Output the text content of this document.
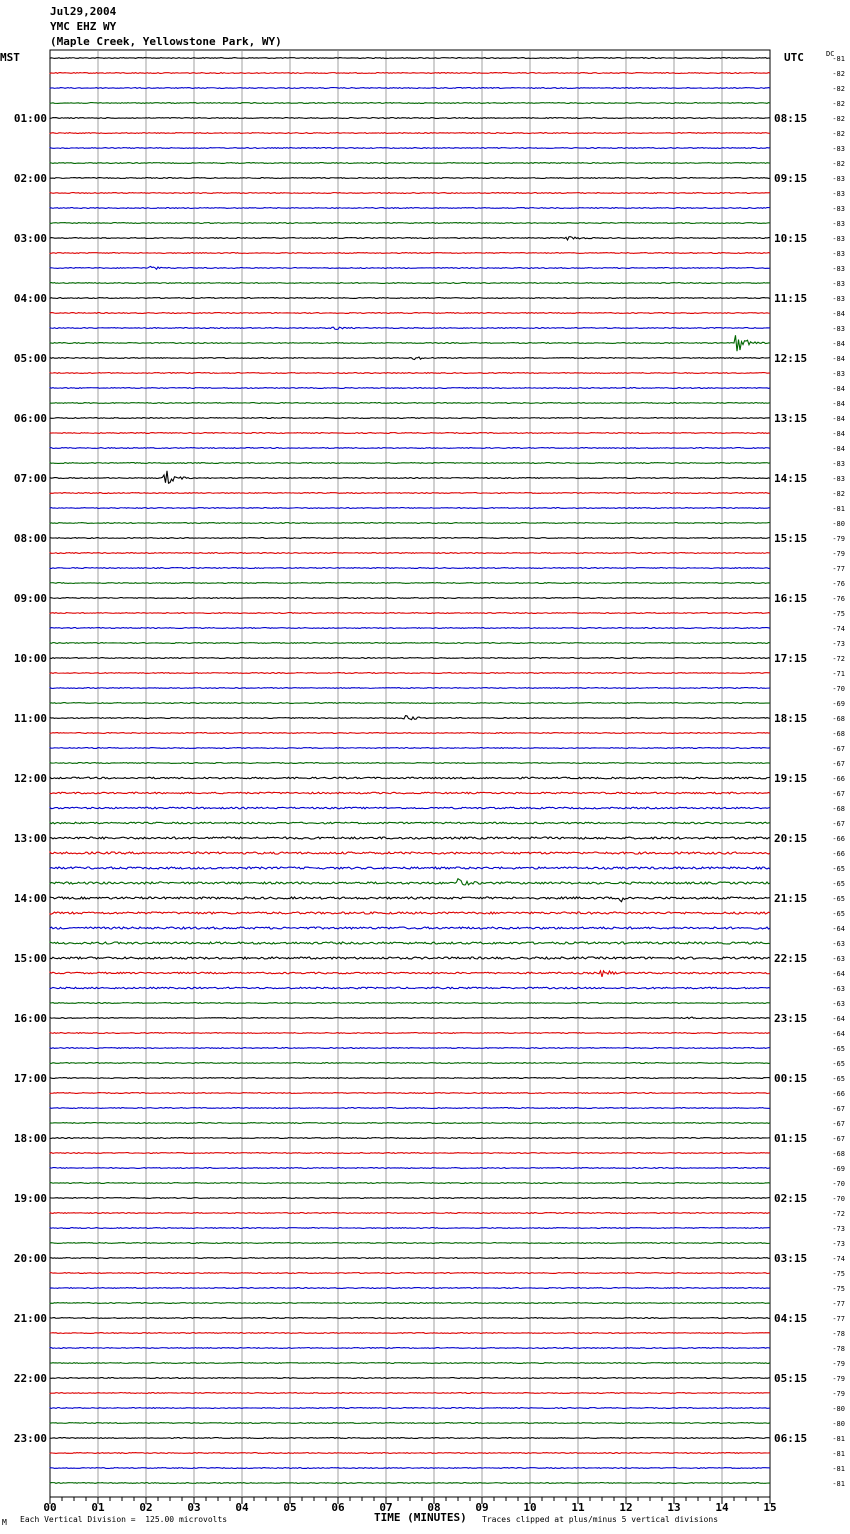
Jul29,2004
YMC EHZ WY
(Maple Creek, Yellowstone Park, WY)
-81
-82
-82
-82
-82
-82
-83
-82
-83
-83
-83
-83
-83
-83
-83
-83
-83
-84
-83
-84
-84
-83
-84
-84
-84
-84
-84
-83
-83
-82
-81
-80
-79
-79
-77
-76
-76
-75
-74
-73
-72
-71
-70
-69
-68
-68
-67
-67
-66
-67
-68
-67
-66
-66
-65
-65
-65
-65
-64
-63
-63
-64
-63
-63
-64
-64
-65
-65
-65
-66
-67
-67
-67
-68
-69
-70
-70
-72
-73
-73
-74
-75
-75
-77
-77
-78
-78
-79
-79
-79
-80
-80
-81
-81
-81
-81
DC
MST	UTC
01:00
02:00
03:00
04:00
05:00
06:00
07:00
08:00
09:00
10:00
11:00
12:00
13:00
14:00
15:00
16:00
17:00
18:00
19:00
20:00
21:00
22:00
23:00
08:15
09:15
10:15
11:15
12:15
13:15
14:15
15:15
16:15
17:15
18:15
19:15
20:15
21:15
22:15
23:15
00:15
01:15
02:15
03:15
04:15
05:15
06:15
00	01	02	03	04	05	06	07	08	09	10	11	12	13	14	15
M Each Vertical Division =  125.00 microvolts	TIME (MINUTES) Traces clipped at plus/minus 5 vertical divisions
